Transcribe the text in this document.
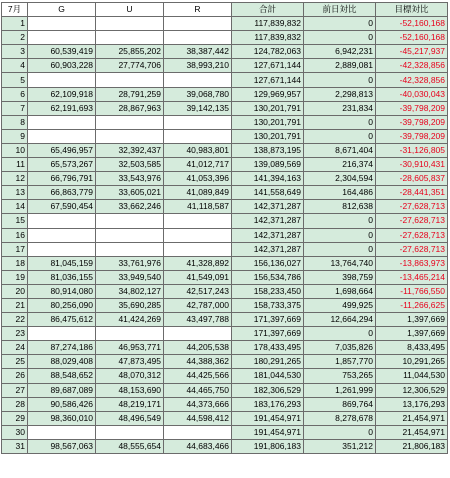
7月	G	U	R	合計	前日対比	目標対比
1				117,839,832	0	-52,160,168
2				117,839,832	0	-52,160,168
3	60,539,419	25,855,202	38,387,442	124,782,063	6,942,231	-45,217,937
4	60,903,228	27,774,706	38,993,210	127,671,144	2,889,081	-42,328,856
5				127,671,144	0	-42,328,856
6	62,109,918	28,791,259	39,068,780	129,969,957	2,298,813	-40,030,043
7	62,191,693	28,867,963	39,142,135	130,201,791	231,834	-39,798,209
8				130,201,791	0	-39,798,209
9				130,201,791	0	-39,798,209
10	65,496,957	32,392,437	40,983,801	138,873,195	8,671,404	-31,126,805
11	65,573,267	32,503,585	41,012,717	139,089,569	216,374	-30,910,431
12	66,796,791	33,543,976	41,053,396	141,394,163	2,304,594	-28,605,837
13	66,863,779	33,605,021	41,089,849	141,558,649	164,486	-28,441,351
14	67,590,454	33,662,246	41,118,587	142,371,287	812,638	-27,628,713
15				142,371,287	0	-27,628,713
16				142,371,287	0	-27,628,713
17				142,371,287	0	-27,628,713
18	81,045,159	33,761,976	41,328,892	156,136,027	13,764,740	-13,863,973
19	81,036,155	33,949,540	41,549,091	156,534,786	398,759	-13,465,214
20	80,914,080	34,802,127	42,517,243	158,233,450	1,698,664	-11,766,550
21	80,256,090	35,690,285	42,787,000	158,733,375	499,925	-11,266,625
22	86,475,612	41,424,269	43,497,788	171,397,669	12,664,294	1,397,669
23				171,397,669	0	1,397,669
24	87,274,186	46,953,771	44,205,538	178,433,495	7,035,826	8,433,495
25	88,029,408	47,873,495	44,388,362	180,291,265	1,857,770	10,291,265
26	88,548,652	48,070,312	44,425,566	181,044,530	753,265	11,044,530
27	89,687,089	48,153,690	44,465,750	182,306,529	1,261,999	12,306,529
28	90,586,426	48,219,171	44,373,666	183,176,293	869,764	13,176,293
29	98,360,010	48,496,549	44,598,412	191,454,971	8,278,678	21,454,971
30				191,454,971	0	21,454,971
31	98,567,063	48,555,654	44,683,466	191,806,183	351,212	21,806,183
